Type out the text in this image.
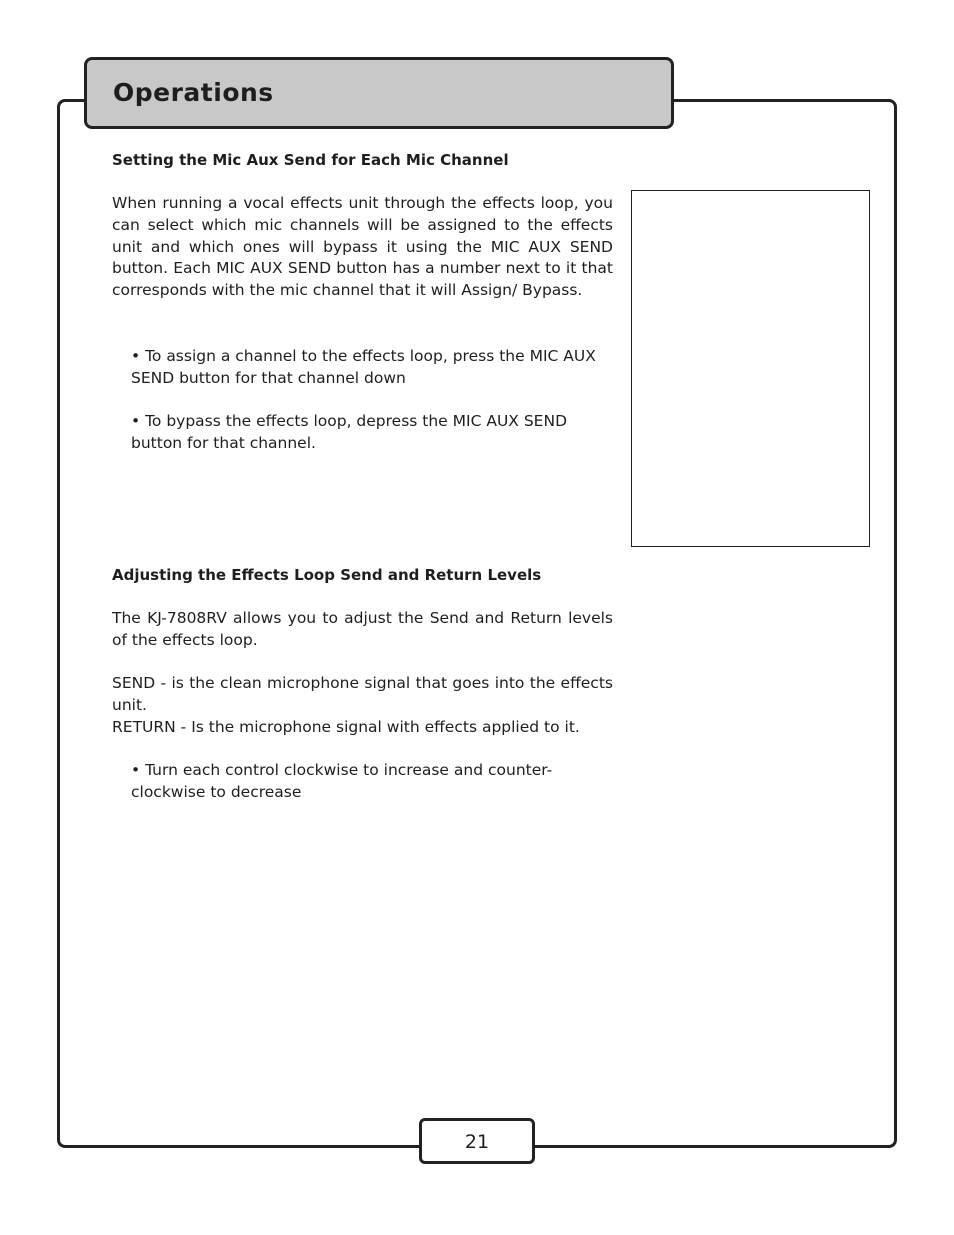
Operations
Setting the Mic Aux Send for Each Mic Channel
When running a vocal effects unit through the effects loop, you can select which mic channels will be assigned to the effects unit and which ones will bypass it using the MIC AUX SEND button. Each MIC AUX SEND button has a number next to it that corresponds with the mic channel that it will Assign/ Bypass.
• To assign a channel to the effects loop, press the MIC AUX SEND button for that channel down
• To bypass the effects loop, depress the MIC AUX SEND button for that channel.
Adjusting the Effects Loop Send and Return Levels
The KJ-7808RV allows you to adjust the Send and Return levels of the effects loop.
SEND - is the clean microphone signal that goes into the effects unit.
RETURN - Is the microphone signal with effects applied to it.
• Turn each control clockwise to increase and counter-clockwise to decrease
21
